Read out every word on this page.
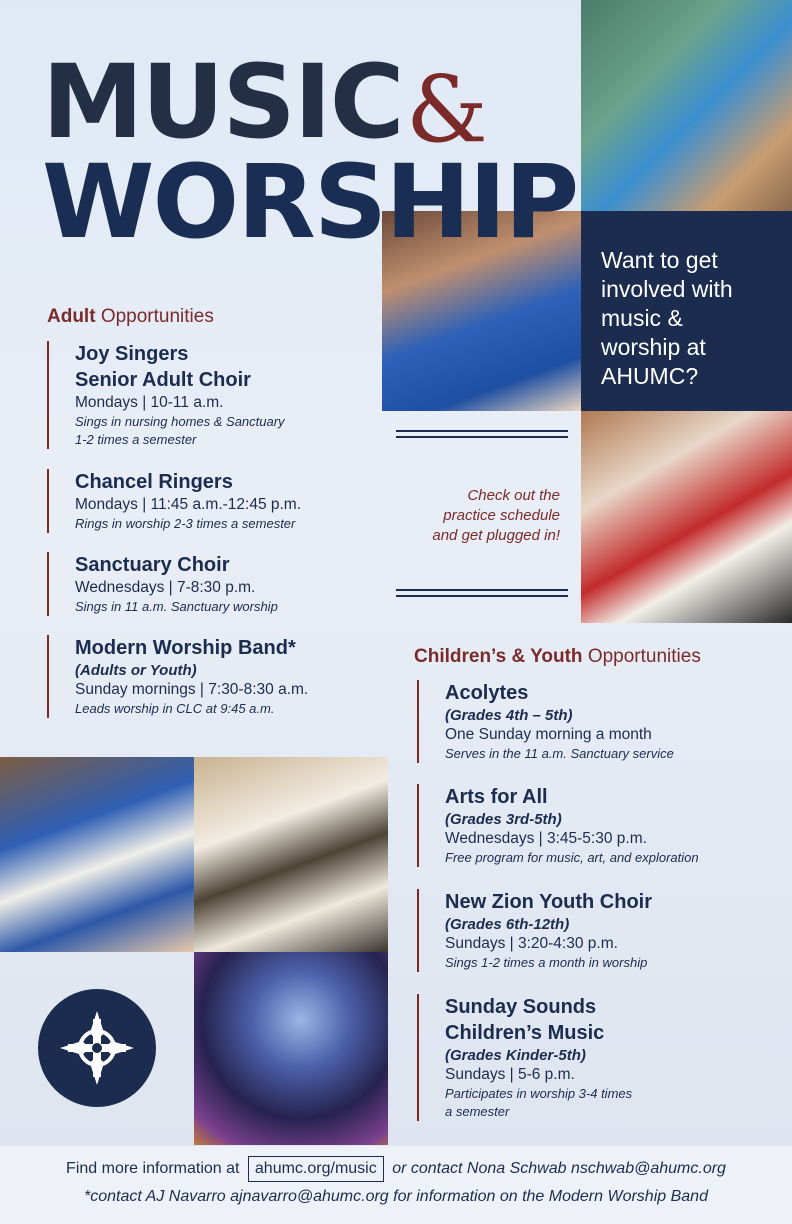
MUSIC &
WORSHIP Want to get
involved with
music &
worship at
AHUMC?
Check out the
practice schedule
and get plugged in!
Adult Opportunities
Joy Singers
Senior Adult Choir
Mondays | 10-11 a.m.
Sings in nursing homes & Sanctuary
1-2 times a semester
Chancel Ringers
Mondays | 11:45 a.m.-12:45 p.m.
Rings in worship 2-3 times a semester
Sanctuary Choir
Wednesdays | 7-8:30 p.m.
Sings in 11 a.m. Sanctuary worship
Modern Worship Band*
(Adults or Youth)
Sunday mornings | 7:30-8:30 a.m.
Leads worship in CLC at 9:45 a.m.
Children’s & Youth Opportunities
Acolytes
(Grades 4th – 5th)
One Sunday morning a month
Serves in the 11 a.m. Sanctuary service
Arts for All
(Grades 3rd-5th)
Wednesdays | 3:45-5:30 p.m.
Free program for music, art, and exploration
New Zion Youth Choir
(Grades 6th-12th)
Sundays | 3:20-4:30 p.m.
Sings 1-2 times a month in worship
Sunday Sounds
Children’s Music
(Grades Kinder-5th)
Sundays | 5-6 p.m.
Participates in worship 3-4 times
a semester
Find more information at ahumc.org/music or contact Nona Schwab nschwab@ahumc.org
*contact AJ Navarro ajnavarro@ahumc.org for information on the Modern Worship Band
